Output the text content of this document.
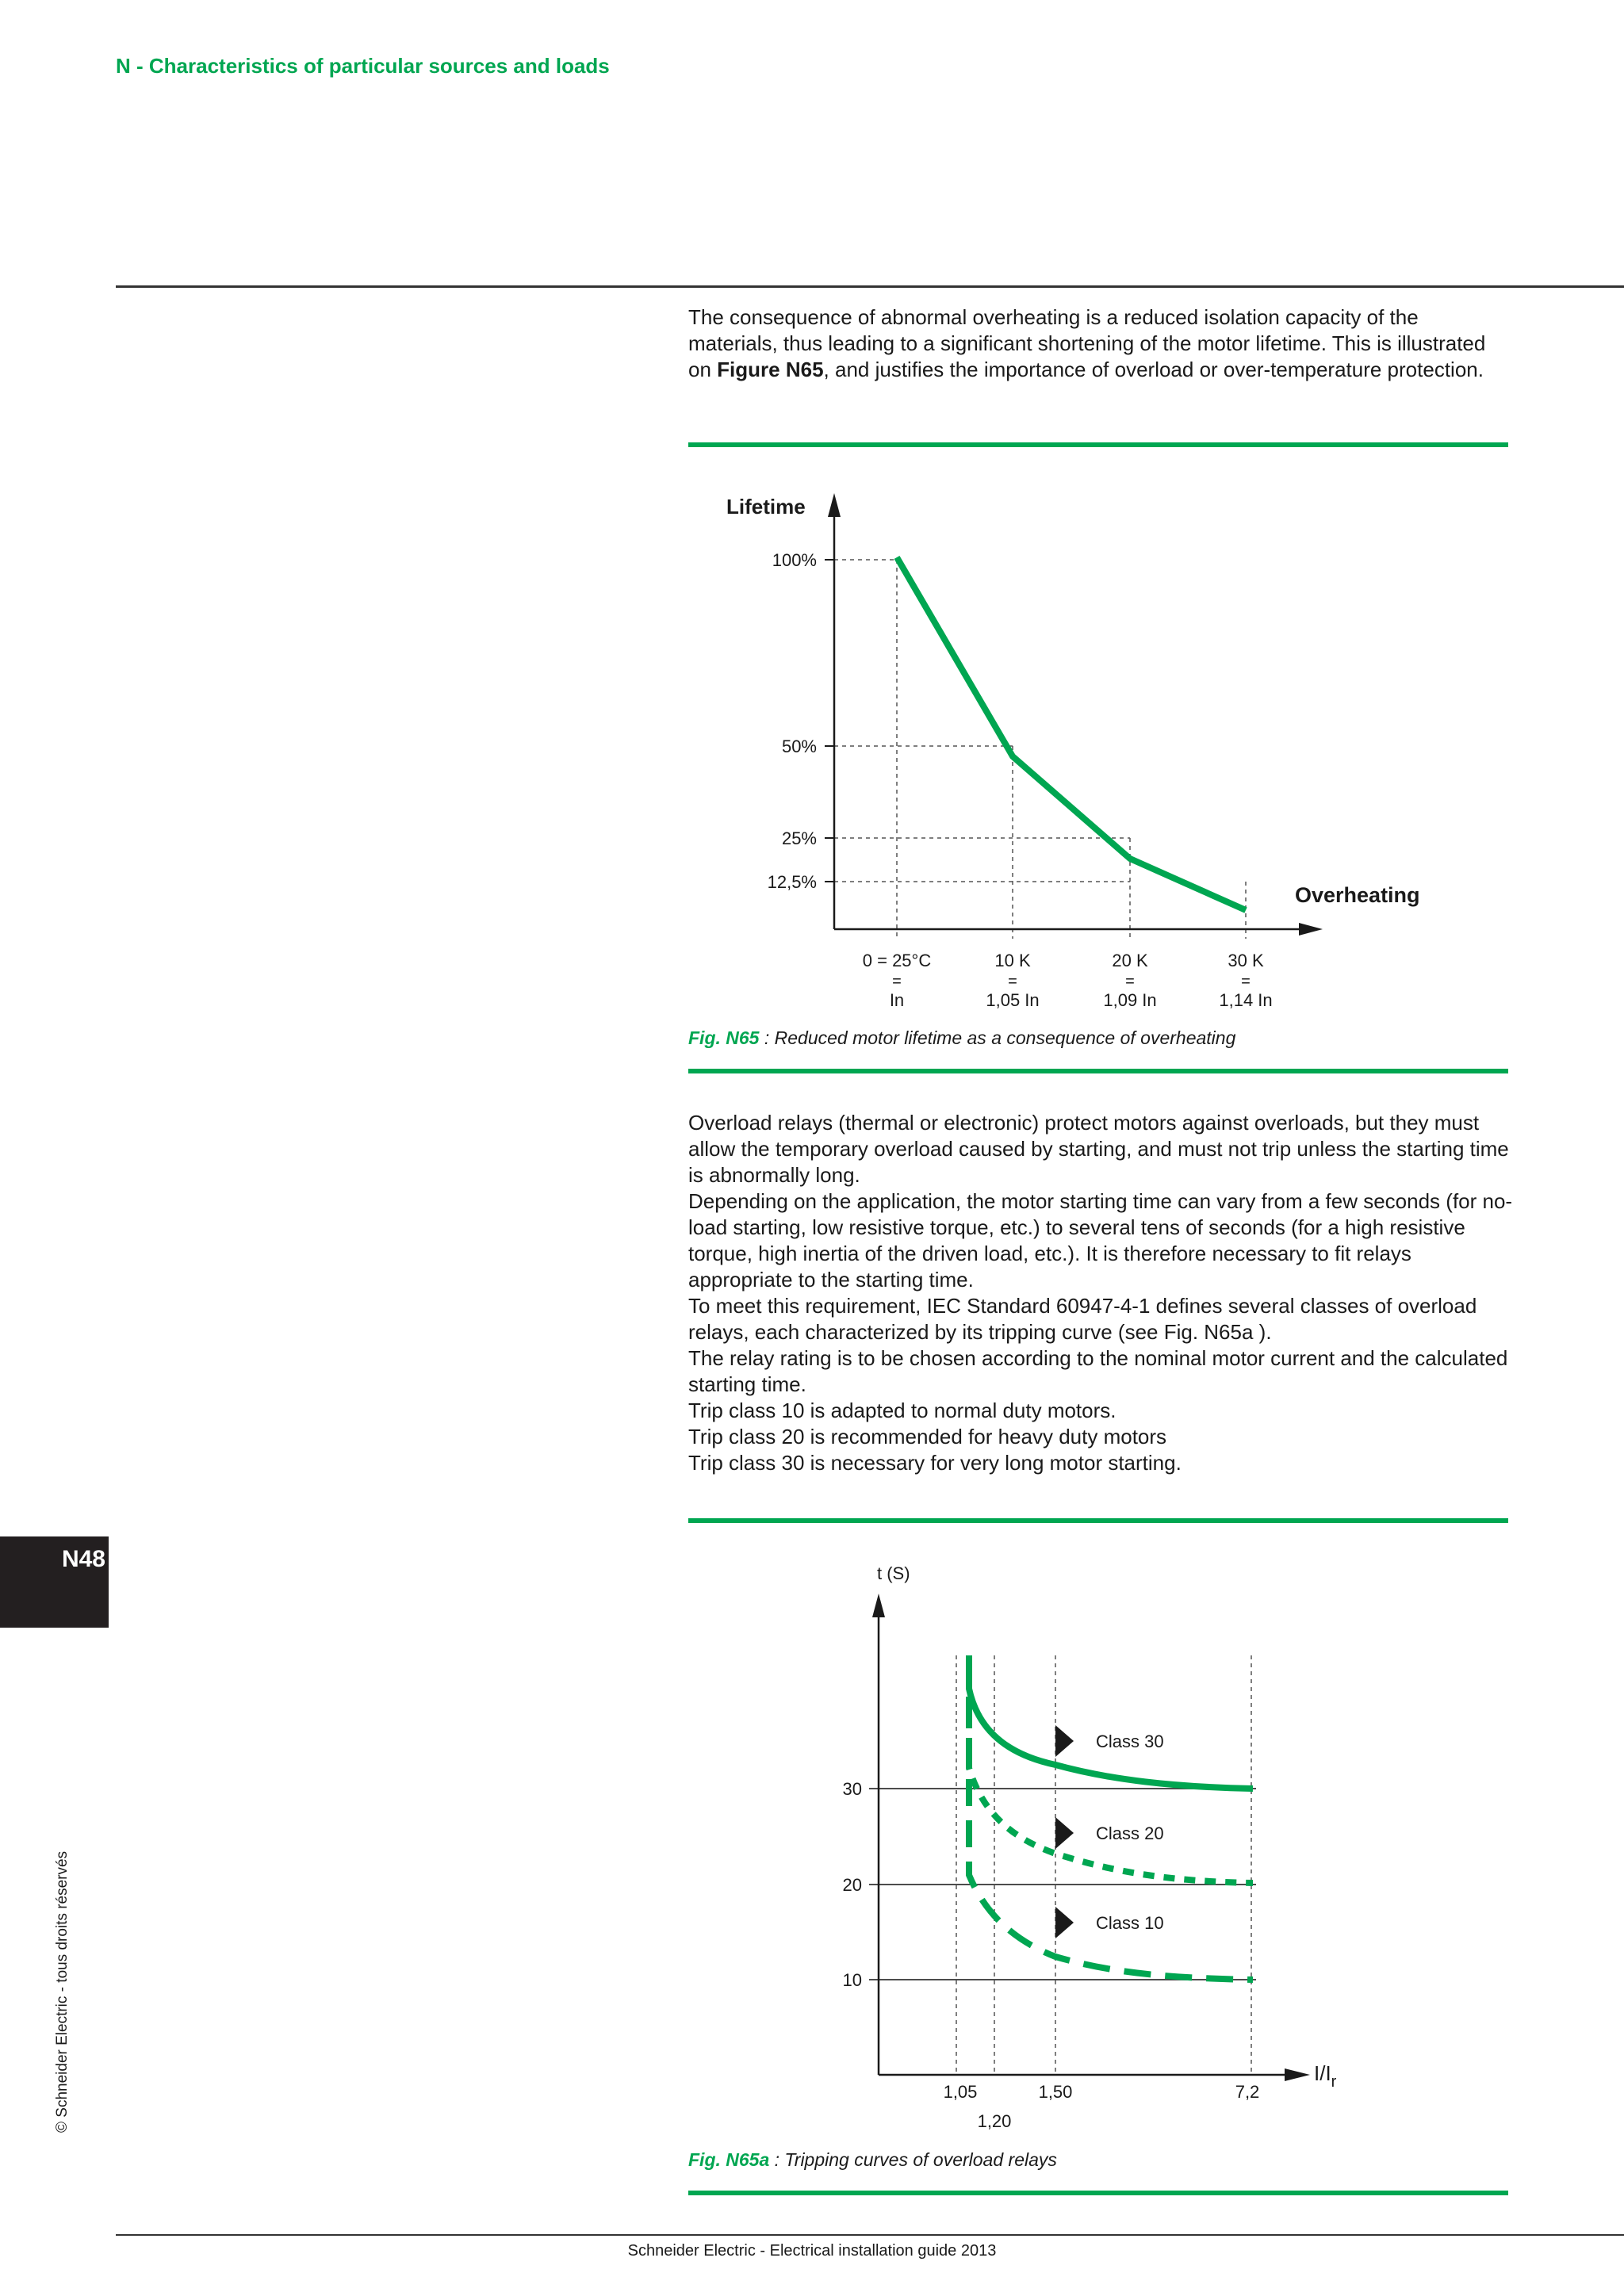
N - Characteristics of particular sources and loads

The consequence of abnormal overheating is a reduced isolation capacity of the materials, thus leading to a significant shortening of the motor lifetime. This is illustrated on Figure N65, and justifies the importance of overload or over-temperature protection.

Lifetime
Overheating
100%
50%
25%
12,5%
0 = 25°C
=
In
10 K
=
1,05 In
20 K
=
1,09 In
30 K
=
1,14 In
Fig. N65 : Reduced motor lifetime as a consequence of overheating

Overload relays (thermal or electronic) protect motors against overloads, but they must allow the temporary overload caused by starting, and must not trip unless the starting time is abnormally long.

Depending on the application, the motor starting time can vary from a few seconds (for no-load starting, low resistive torque, etc.) to several tens of seconds (for a high resistive torque, high inertia of the driven load, etc.). It is therefore necessary to fit relays appropriate to the starting time.

To meet this requirement, IEC Standard 60947-4-1 defines several classes of overload relays, each characterized by its tripping curve (see Fig. N65a ).

The relay rating is to be chosen according to the nominal motor current and the calculated starting time.

Trip class 10 is adapted to normal duty motors.

Trip class 20 is recommended for heavy duty motors

Trip class 30 is necessary for very long motor starting.

t (S)
$I/I_r$
10
20
30
1,05
1,20
1,50	7,2
Class 30
Class 20
Class 10
Fig. N65a : Tripping curves of overload relays
N48
© Schneider Electric - tous droits réservés
Schneider Electric - Electrical installation guide 2013
